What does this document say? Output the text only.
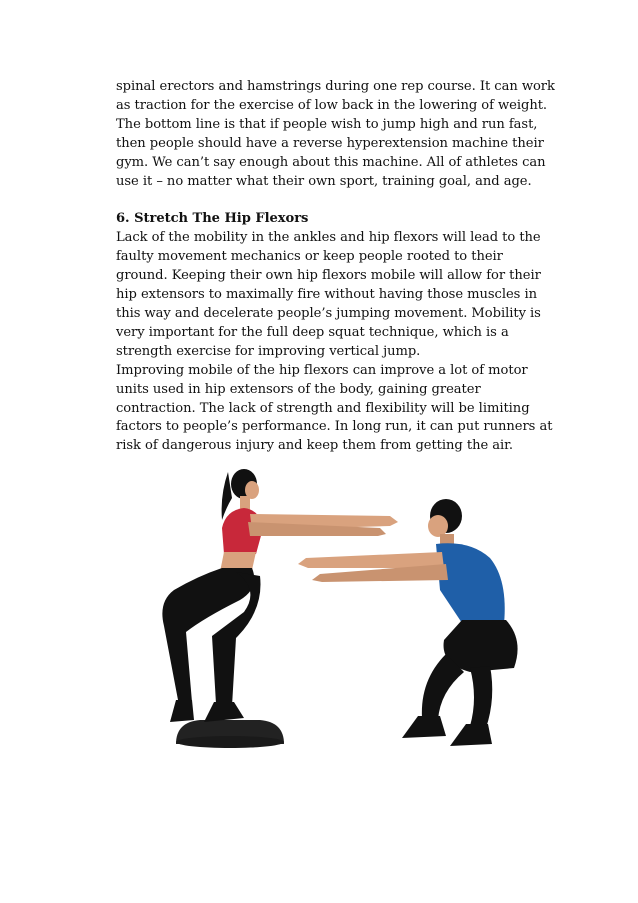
spinal erectors and hamstrings during one rep course. It can work as traction for the exercise of low back in the lowering of weight. The bottom line is that if people wish to jump high and run fast, then people should have a reverse hyperextension machine their gym. We can’t say enough about this machine. All of athletes can use it – no matter what their own sport, training goal, and age.

6. Stretch The Hip Flexors

Lack of the mobility in the ankles and hip flexors will lead to the faulty movement mechanics or keep people rooted to their ground. Keeping their own hip flexors mobile will allow for their hip extensors to maximally fire without having those muscles in this way and decelerate people’s jumping movement. Mobility is very important for the full deep squat technique, which is a strength exercise for improving vertical jump.

Improving mobile of the hip flexors can improve a lot of motor units used in hip extensors of the body, gaining greater contraction. The lack of strength and flexibility will be limiting factors to people’s performance. In long run, it can put runners at risk of dangerous injury and keep them from getting the air.
